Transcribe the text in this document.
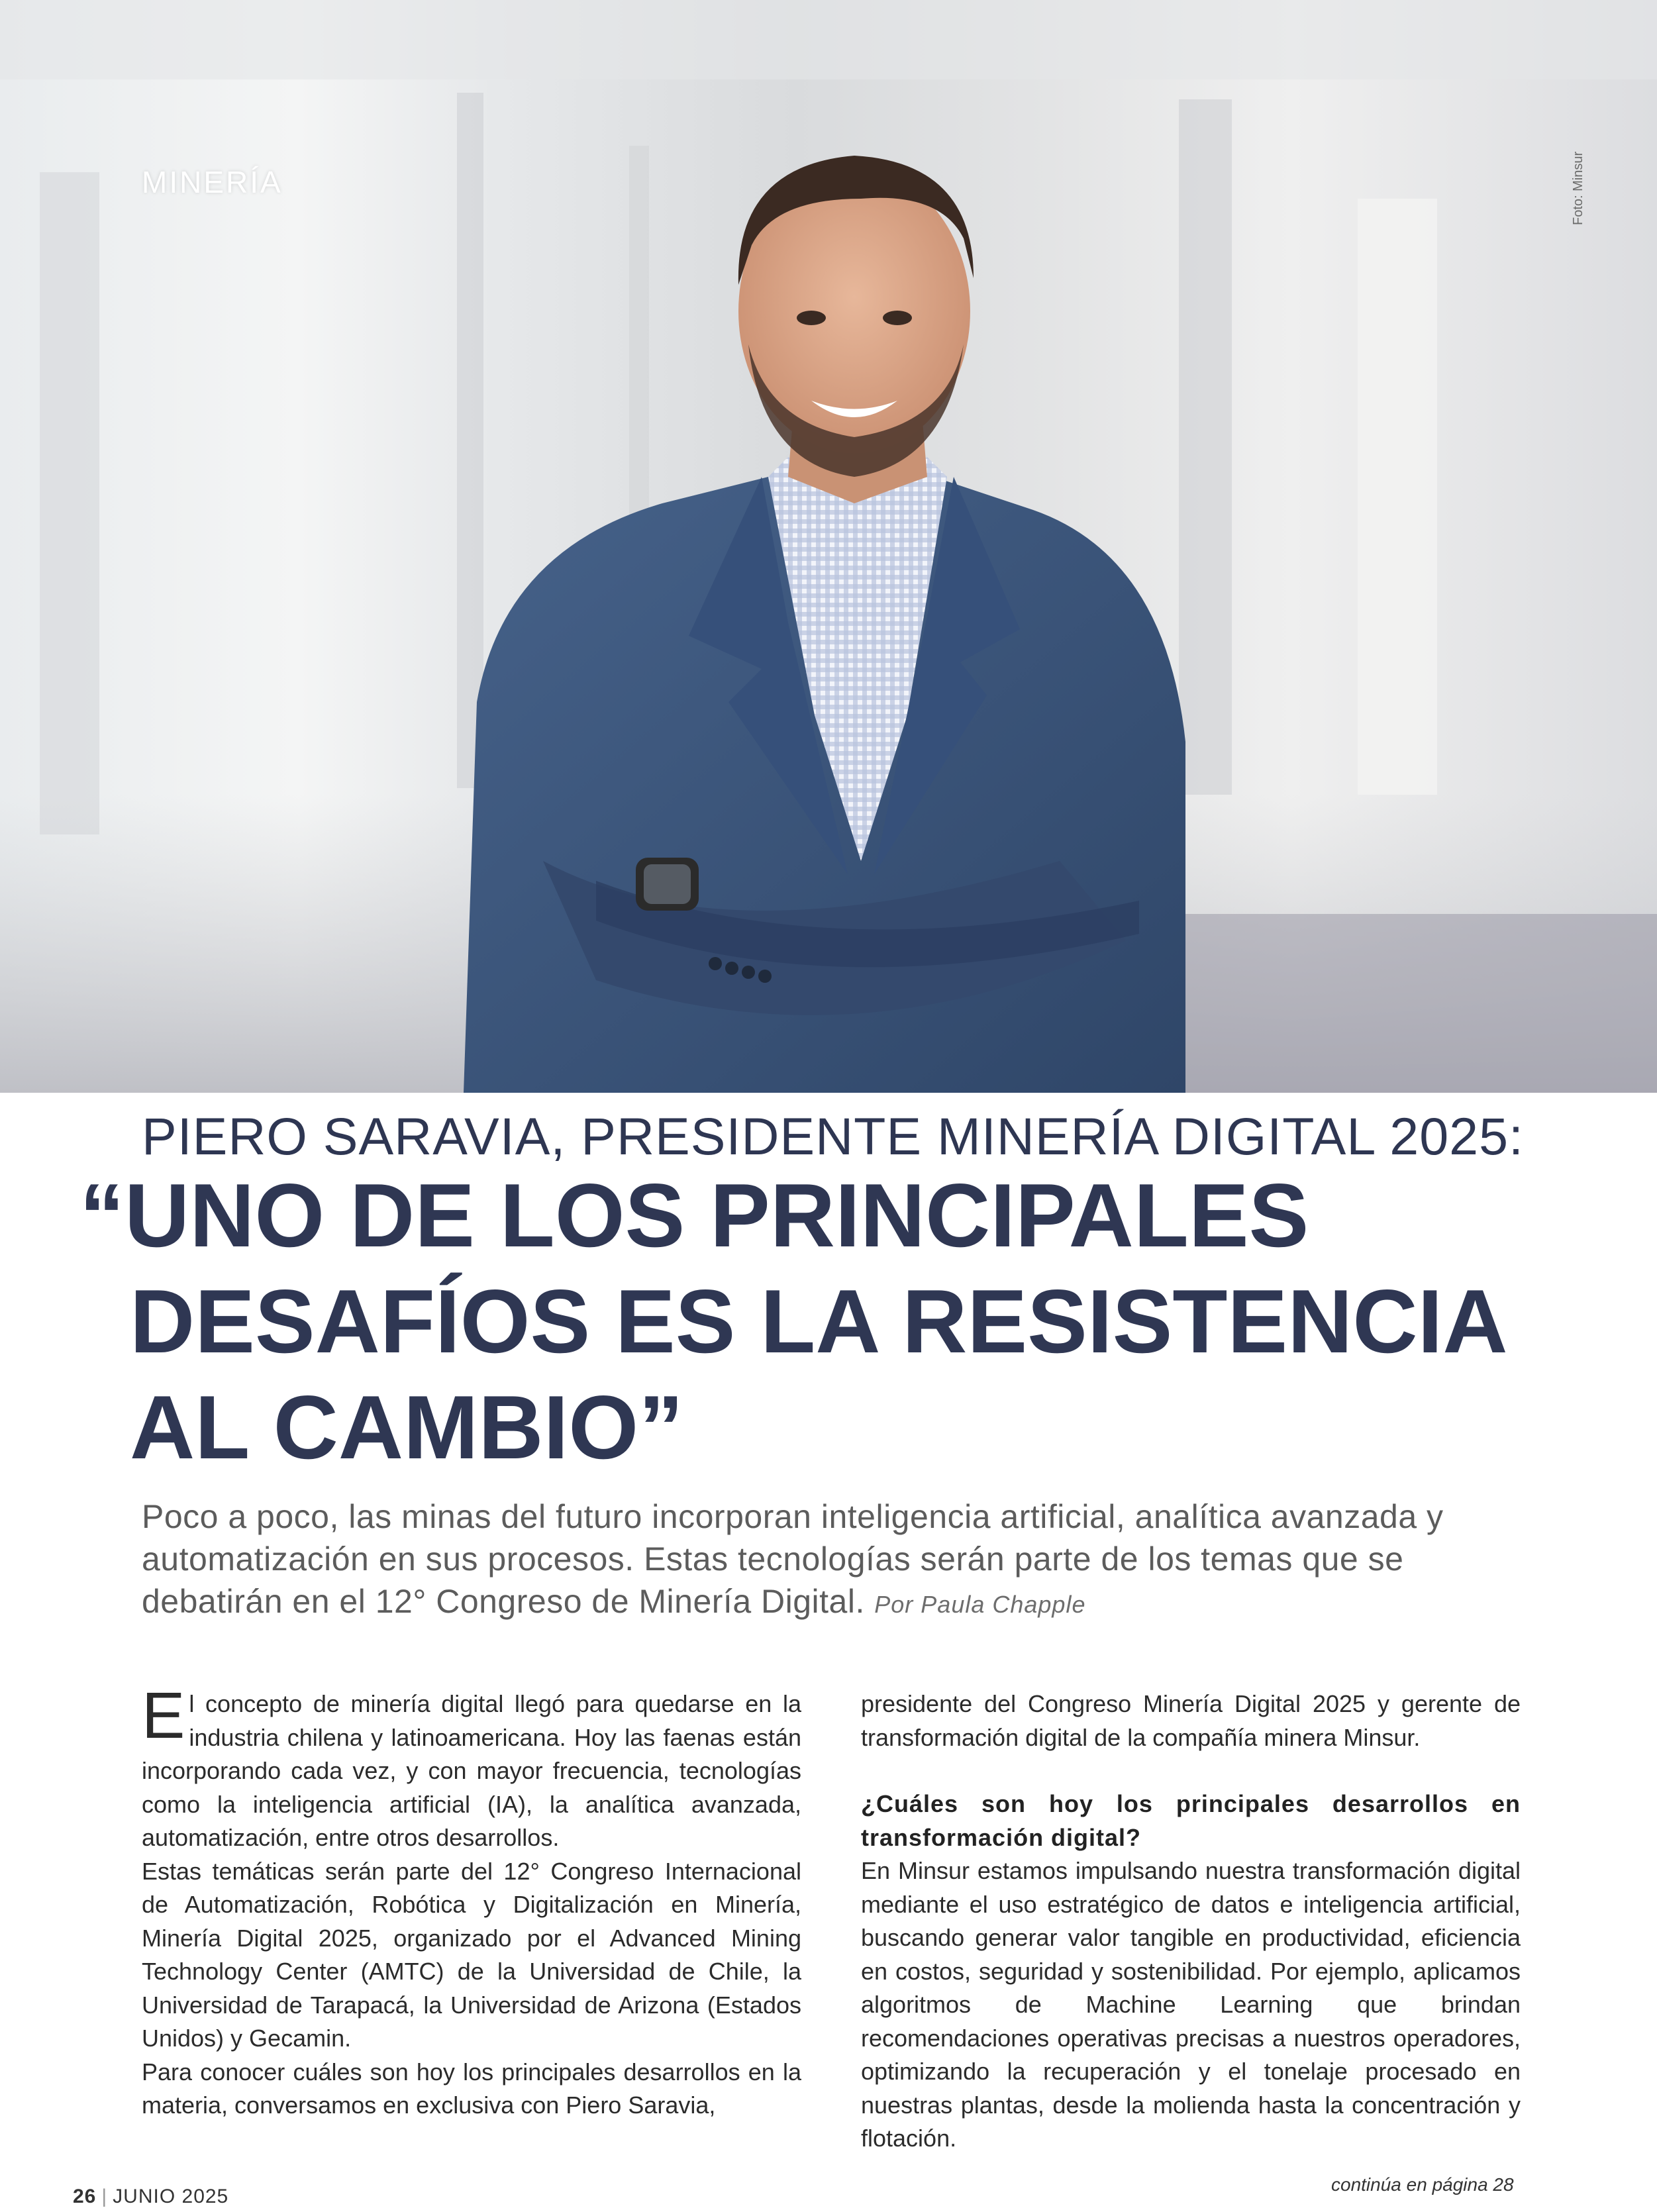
MINERÍA	Foto: Minsur
PIERO SARAVIA, PRESIDENTE MINERÍA DIGITAL 2025:
“UNO DE LOS PRINCIPALES
DESAFÍOS ES LA RESISTENCIA
AL CAMBIO”
Poco a poco, las minas del futuro incorporan inteligencia artificial, analítica avanzada y automatización en sus procesos. Estas tecnologías serán parte de los temas que se debatirán en el 12° Congreso de Minería Digital. Por Paula Chapple

El concepto de minería digital llegó para quedarse en la industria chilena y latinoamericana. Hoy las faenas están incorporando cada vez, y con mayor frecuencia, tecnologías como la inteligencia artificial (IA), la analítica avanzada, automatización, entre otros desarrollos.

Estas temáticas serán parte del 12° Congreso Internacional de Automatización, Robótica y Digitalización en Minería, Minería Digital 2025, organizado por el Advanced Mining Technology Center (AMTC) de la Universidad de Chile, la Universidad de Tarapacá, la Universidad de Arizona (Estados Unidos) y Gecamin.

Para conocer cuáles son hoy los principales desarrollos en la materia, conversamos en exclusiva con Piero Saravia,

presidente del Congreso Minería Digital 2025 y gerente de transformación digital de la compañía minera Minsur.

¿Cuáles son hoy los principales desarrollos en transformación digital?

En Minsur estamos impulsando nuestra transformación digital mediante el uso estratégico de datos e inteligencia artificial, buscando generar valor tangible en productividad, eficiencia en costos, seguridad y sostenibilidad. Por ejemplo, aplicamos algoritmos de Machine Learning que brindan recomendaciones operativas precisas a nuestros operadores, optimizando la recuperación y el tonelaje procesado en nuestras plantas, desde la molienda hasta la concentración y flotación.

26 | JUNIO 2025
continúa en página 28
